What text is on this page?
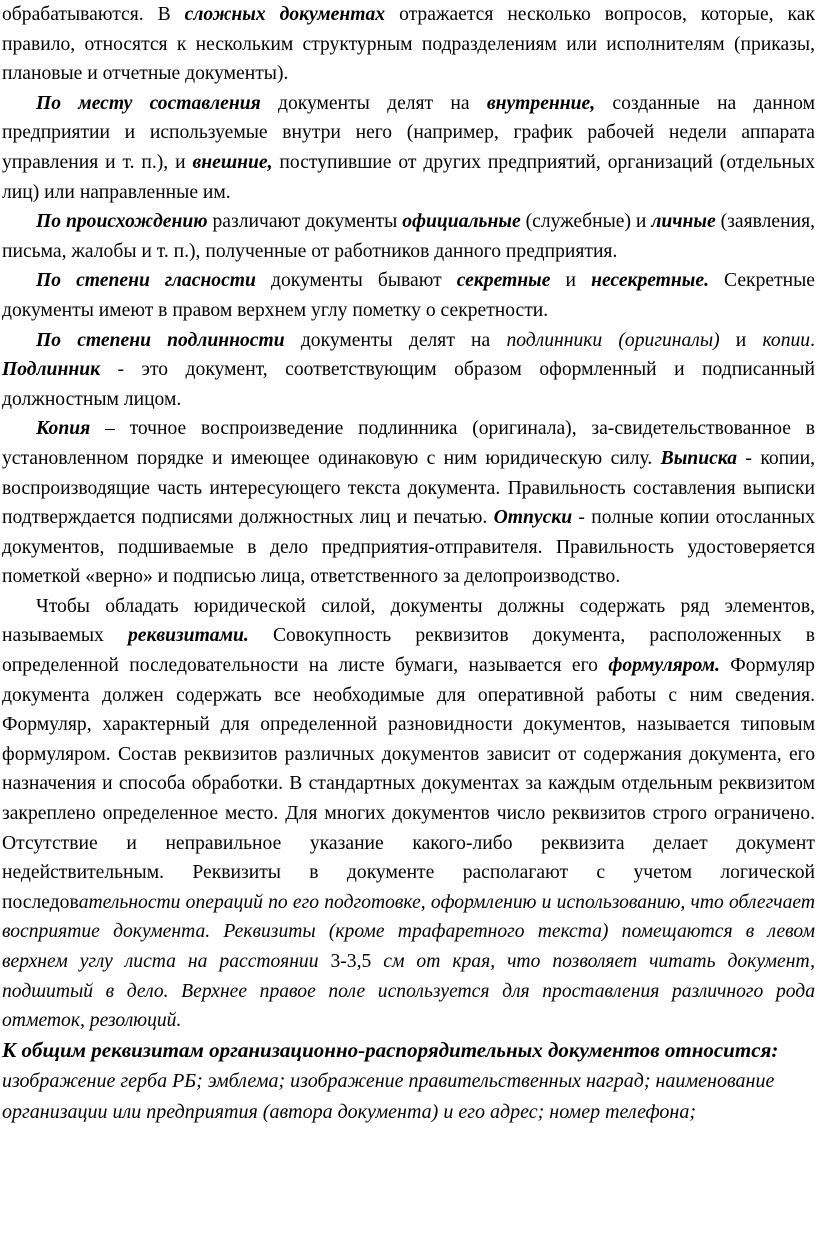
обрабатываются. В сложных документах отражается несколько вопросов, которые, как правило, относятся к нескольким структурным подразделениям или исполнителям (приказы, плановые и отчетные документы).

По месту составления документы делят на внутренние, созданные на данном предприятии и используемые внутри него (например, график рабочей недели аппарата управления и т. п.), и внешние, поступившие от других предприятий, организаций (отдельных лиц) или направленные им.

По происхождению различают документы официальные (служебные) и личные (заявления, письма, жалобы и т. п.), полученные от работников данного предприятия.

По степени гласности документы бывают секретные и несекретные. Секретные документы имеют в правом верхнем углу пометку о секретности.

По степени подлинности документы делят на подлинники (оригиналы) и копии. Подлинник - это документ, соответствующим образом оформленный и подписанный должностным лицом.

Копия – точное воспроизведение подлинника (оригинала), за-свидетельствованное в установленном порядке и имеющее одинаковую с ним юридическую силу. Выписка - копии, воспроизводящие часть интересующего текста документа. Правильность составления выписки подтверждается подписями должностных лиц и печатью. Отпуски - полные копии отосланных документов, подшиваемые в дело предприятия-отправителя. Правильность удостоверяется пометкой «верно» и подписью лица, ответственного за делопроизводство.

Чтобы обладать юридической силой, документы должны содержать ряд элементов, называемых реквизитами. Совокупность реквизитов документа, расположенных в определенной последовательности на листе бумаги, называется его формуляром. Формуляр документа должен содержать все необходимые для оперативной работы с ним сведения. Формуляр, характерный для определенной разновидности документов, называется типовым формуляром. Состав реквизитов различных документов зависит от содержания документа, его назначения и способа обработки. В стандартных документах за каждым отдельным реквизитом закреплено определенное место. Для многих документов число реквизитов строго ограничено. Отсутствие и неправильное указание какого-либо реквизита делает документ недействительным. Реквизиты в документе располагают с учетом логической последовательности операций по его подготовке, оформлению и использованию, что облегчает восприятие документа. Реквизиты (кроме трафаретного текста) помещаются в левом верхнем углу листа на расстоянии 3-3,5 см от края, что позволяет читать документ, подшитый в дело. Верхнее правое поле используется для проставления различного рода отметок, резолюций.

К общим реквизитам организационно-распорядительных документов относится: изображение герба РБ; эмблема; изображение правительственных наград; наименование организации или предприятия (автора документа) и его адрес; номер телефона;
